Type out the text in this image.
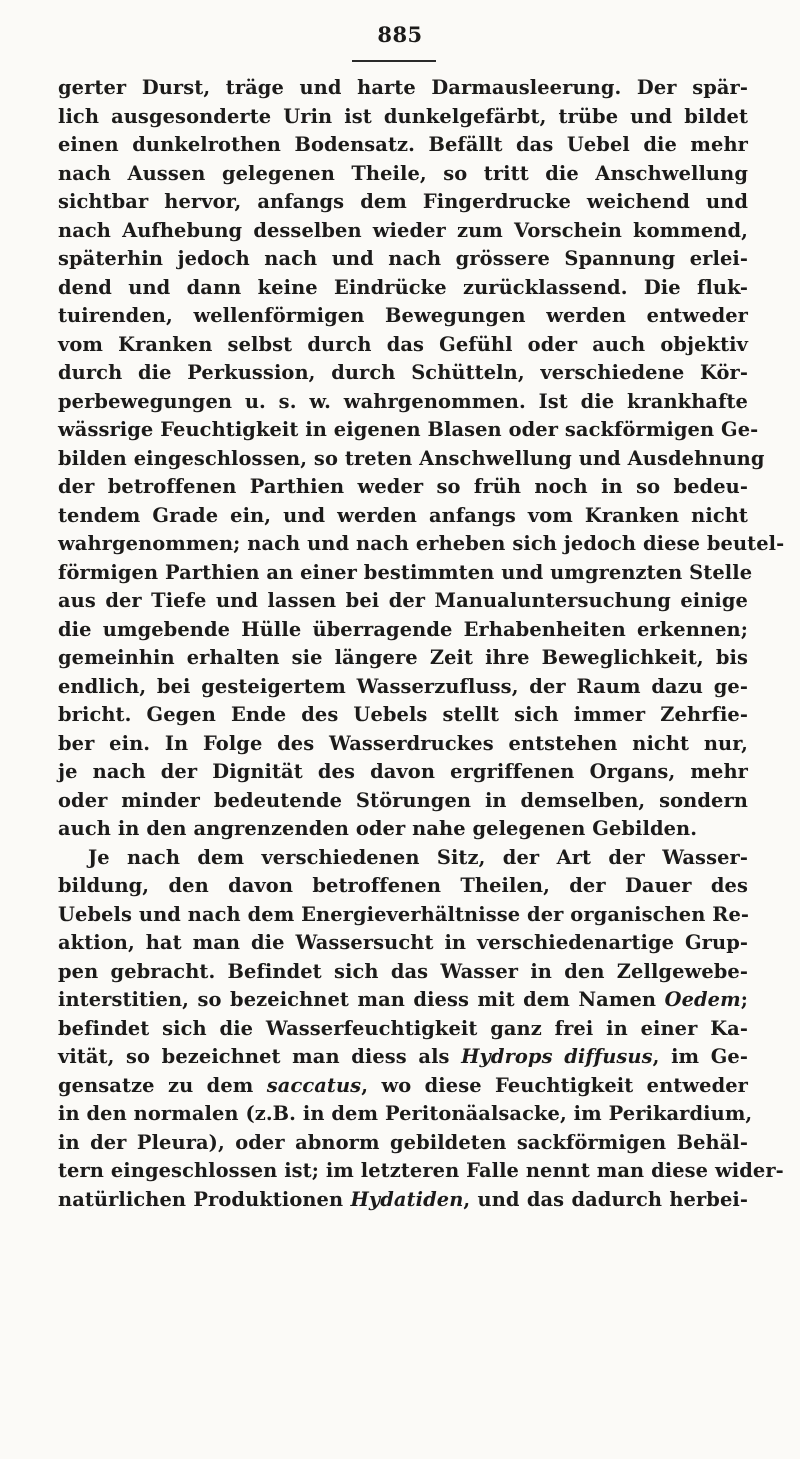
885
gerter Durst, träge und harte Darmausleerung. Der spär-
lich ausgesonderte Urin ist dunkelgefärbt, trübe und bildet
einen dunkelrothen Bodensatz. Befällt das Uebel die mehr
nach Aussen gelegenen Theile, so tritt die Anschwellung
sichtbar hervor, anfangs dem Fingerdrucke weichend und
nach Aufhebung desselben wieder zum Vorschein kommend,
späterhin jedoch nach und nach grössere Spannung erlei-
dend und dann keine Eindrücke zurücklassend. Die fluk-
tuirenden, wellenförmigen Bewegungen werden entweder
vom Kranken selbst durch das Gefühl oder auch objektiv
durch die Perkussion, durch Schütteln, verschiedene Kör-
perbewegungen u. s. w. wahrgenommen. Ist die krankhafte
wässrige Feuchtigkeit in eigenen Blasen oder sackförmigen Ge-
bilden eingeschlossen, so treten Anschwellung und Ausdehnung
der betroffenen Parthien weder so früh noch in so bedeu-
tendem Grade ein, und werden anfangs vom Kranken nicht
wahrgenommen; nach und nach erheben sich jedoch diese beutel-
förmigen Parthien an einer bestimmten und umgrenzten Stelle
aus der Tiefe und lassen bei der Manualuntersuchung einige
die umgebende Hülle überragende Erhabenheiten erkennen;
gemeinhin erhalten sie längere Zeit ihre Beweglichkeit, bis
endlich, bei gesteigertem Wasserzufluss, der Raum dazu ge-
bricht. Gegen Ende des Uebels stellt sich immer Zehrfie-
ber ein. In Folge des Wasserdruckes entstehen nicht nur,
je nach der Dignität des davon ergriffenen Organs, mehr
oder minder bedeutende Störungen in demselben, sondern
auch in den angrenzenden oder nahe gelegenen Gebilden.
Je nach dem verschiedenen Sitz, der Art der Wasser-
bildung, den davon betroffenen Theilen, der Dauer des
Uebels und nach dem Energieverhältnisse der organischen Re-
aktion, hat man die Wassersucht in verschiedenartige Grup-
pen gebracht. Befindet sich das Wasser in den Zellgewebe-
interstitien, so bezeichnet man diess mit dem Namen Oedem;
befindet sich die Wasserfeuchtigkeit ganz frei in einer Ka-
vität, so bezeichnet man diess als Hydrops diffusus, im Ge-
gensatze zu dem saccatus, wo diese Feuchtigkeit entweder
in den normalen (z.B. in dem Peritonäalsacke, im Perikardium,
in der Pleura), oder abnorm gebildeten sackförmigen Behäl-
tern eingeschlossen ist; im letzteren Falle nennt man diese wider-
natürlichen Produktionen Hydatiden, und das dadurch herbei-
